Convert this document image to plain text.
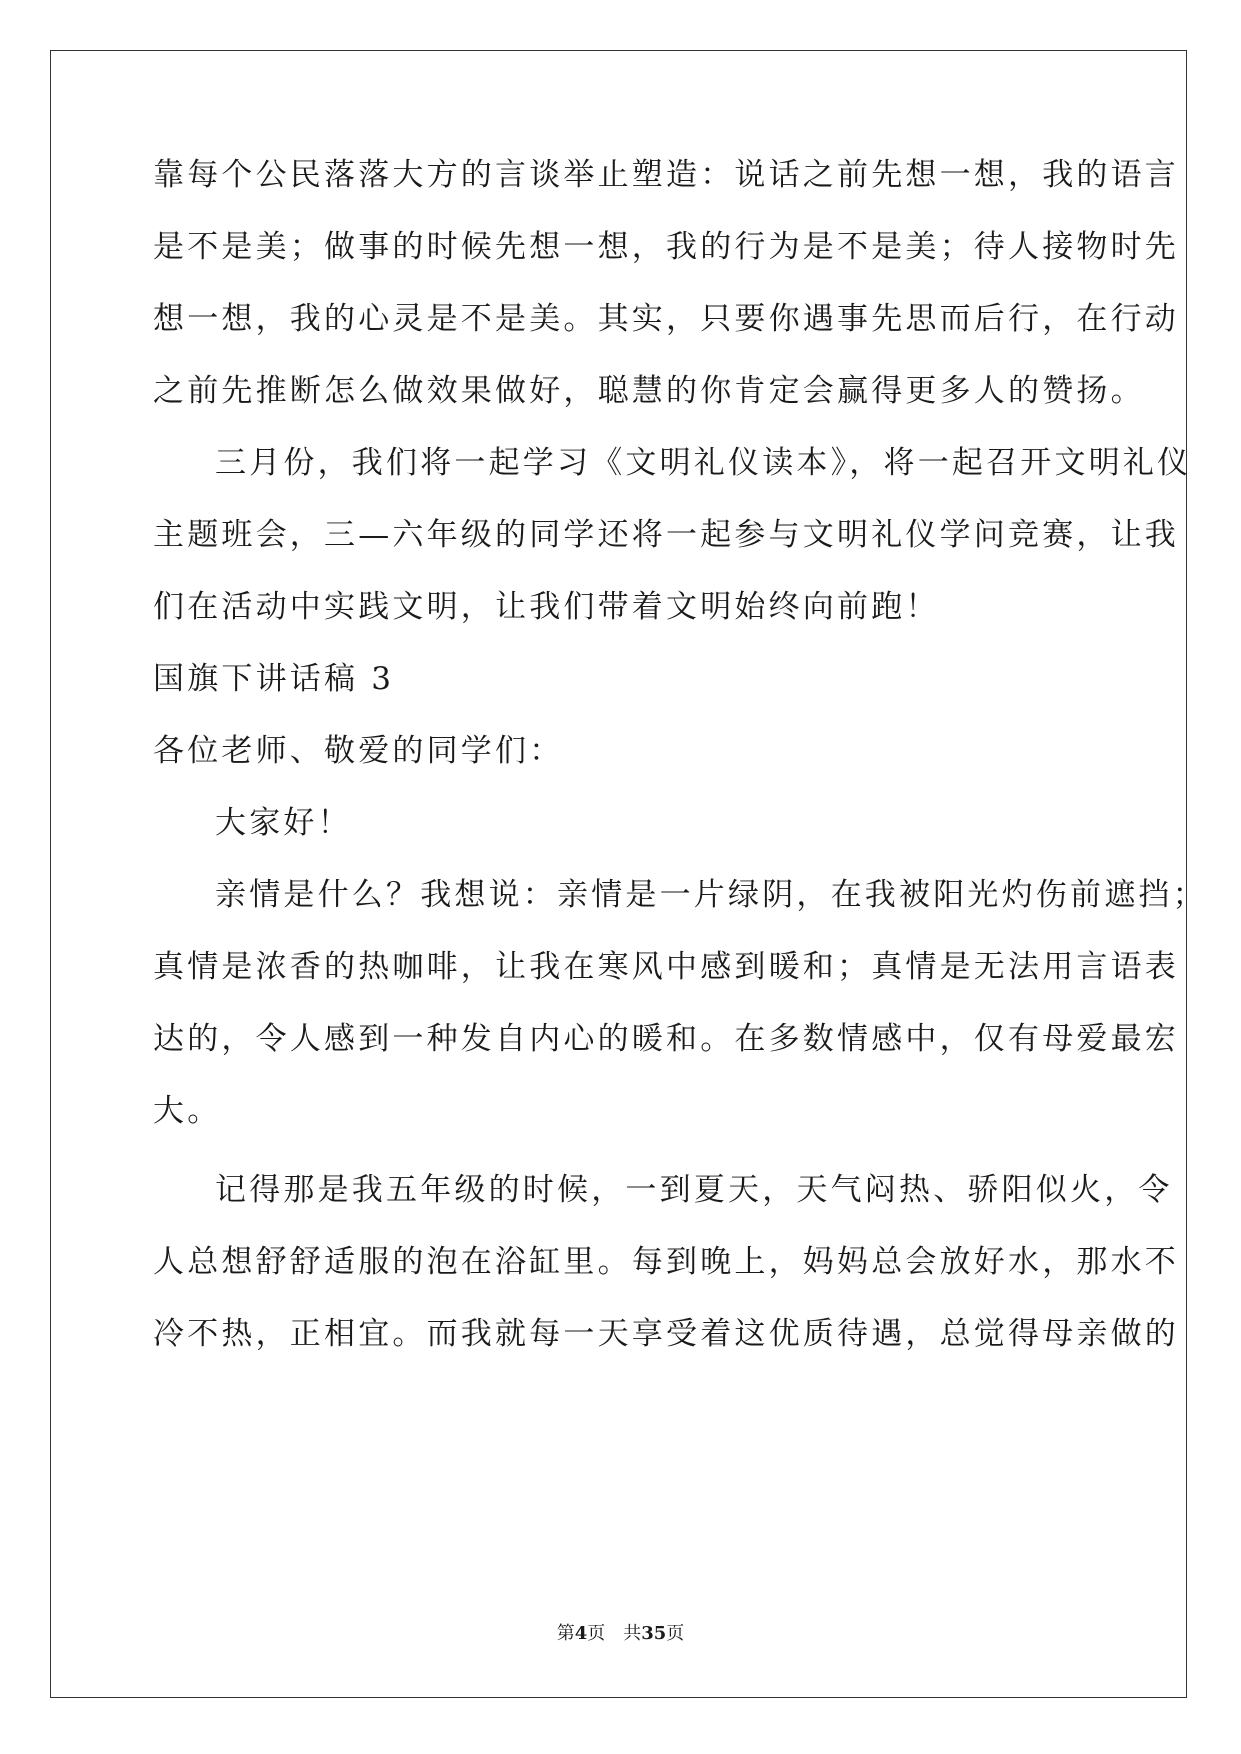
靠每个公民落落大方的言谈举止塑造：说话之前先想一想，我的语言
是不是美；做事的时候先想一想，我的行为是不是美；待人接物时先
想一想，我的心灵是不是美。其实，只要你遇事先思而后行，在行动
之前先推断怎么做效果做好，聪慧的你肯定会赢得更多人的赞扬。
三月份，我们将一起学习《文明礼仪读本》，将一起召开文明礼仪
主题班会，三—六年级的同学还将一起参与文明礼仪学问竞赛，让我
们在活动中实践文明，让我们带着文明始终向前跑！
国旗下讲话稿 3
各位老师、敬爱的同学们：
大家好！
亲情是什么？我想说：亲情是一片绿阴，在我被阳光灼伤前遮挡；
真情是浓香的热咖啡，让我在寒风中感到暖和；真情是无法用言语表
达的，令人感到一种发自内心的暖和。在多数情感中，仅有母爱最宏
大。
记得那是我五年级的时候，一到夏天，天气闷热、骄阳似火，令
人总想舒舒适服的泡在浴缸里。每到晚上，妈妈总会放好水，那水不
冷不热，正相宜。而我就每一天享受着这优质待遇，总觉得母亲做的
第4页　共35页
